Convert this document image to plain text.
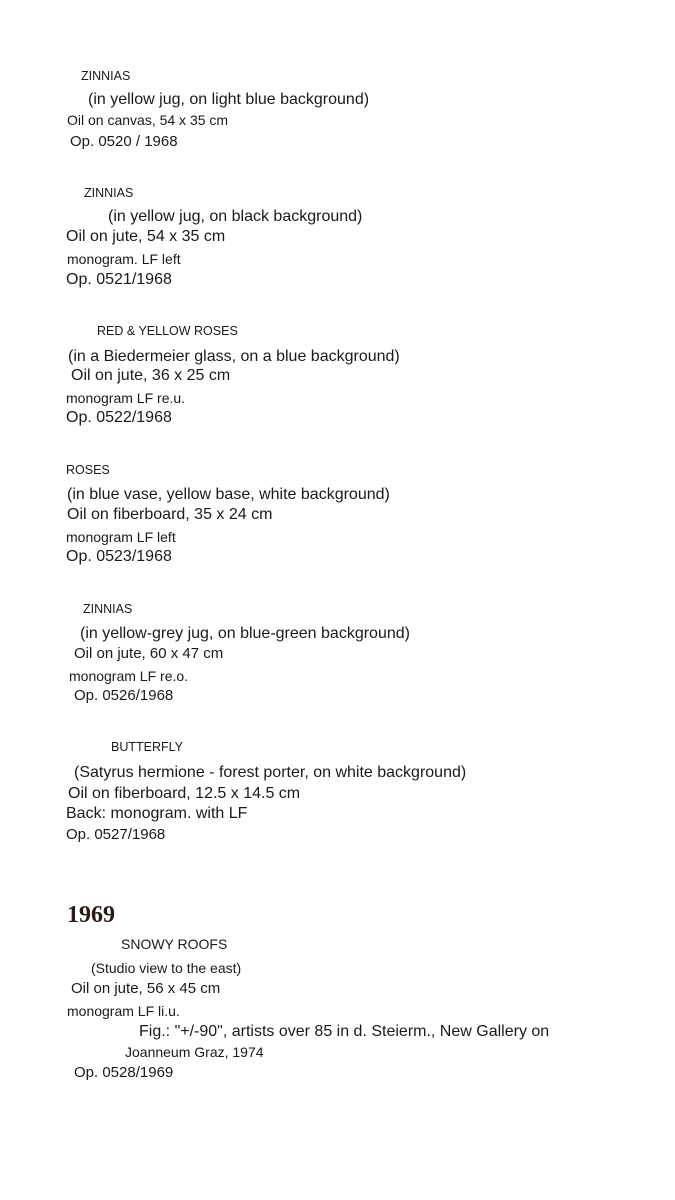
ZINNIAS
(in yellow jug, on light blue background)
Oil on canvas, 54 x 35 cm
Op. 0520 / 1968
ZINNIAS
(in yellow jug, on black background)
Oil on jute, 54 x 35 cm
monogram. LF left
Op. 0521/1968
RED & YELLOW ROSES
(in a Biedermeier glass, on a blue background)
Oil on jute, 36 x 25 cm
monogram LF re.u.
Op. 0522/1968
ROSES
(in blue vase, yellow base, white background)
Oil on fiberboard, 35 x 24 cm
monogram LF left
Op. 0523/1968
ZINNIAS
(in yellow-grey jug, on blue-green background)
Oil on jute, 60 x 47 cm
monogram LF re.o.
Op. 0526/1968
BUTTERFLY
(Satyrus hermione - forest porter, on white background)
Oil on fiberboard, 12.5 x 14.5 cm
Back: monogram. with LF
Op. 0527/1968
1969
SNOWY ROOFS
(Studio view to the east)
Oil on jute, 56 x 45 cm
monogram LF li.u.
Fig.: "+/-90", artists over 85 in d. Steierm., New Gallery on
Joanneum Graz, 1974
Op. 0528/1969
